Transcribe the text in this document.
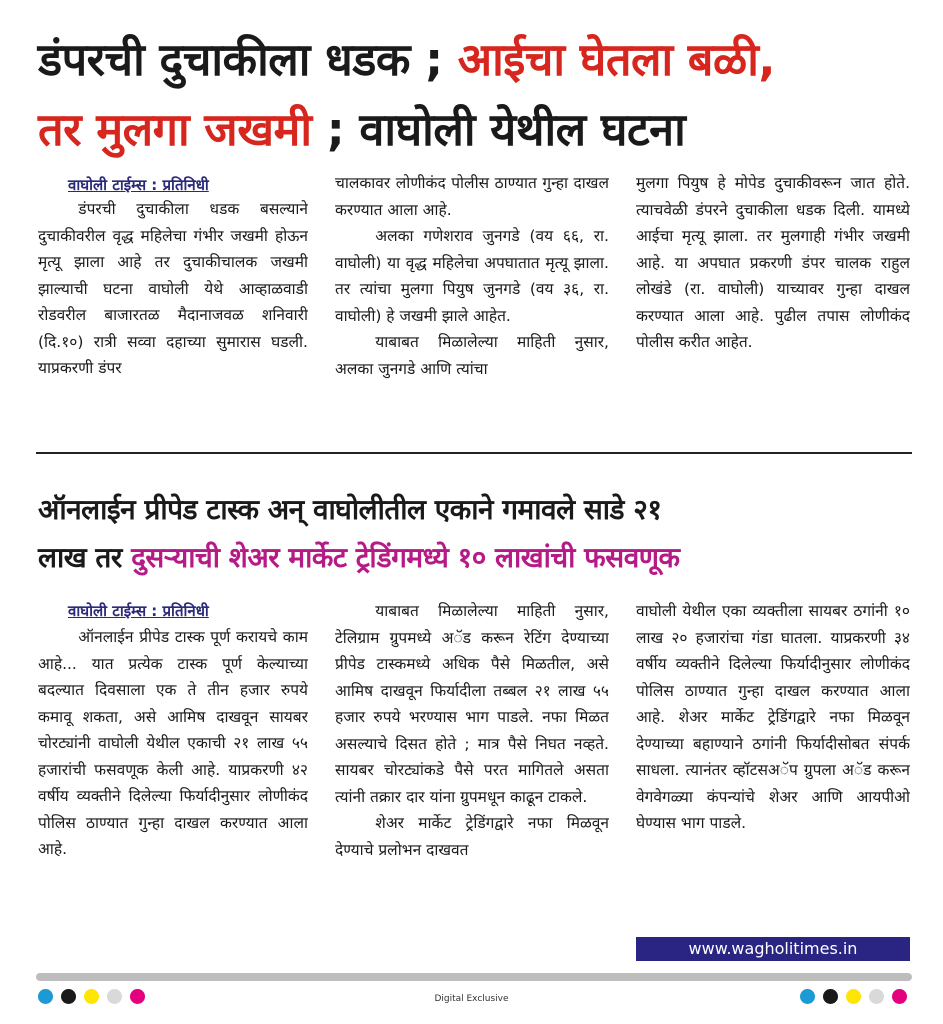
डंपरची दुचाकीला धडक ; आईचा घेतला बळी,
तर मुलगा जखमी ; वाघोली येथील घटना
वाघोली टाईम्स : प्रतिनिधी

डंपरची दुचाकीला धडक बसल्याने दुचाकीवरील वृद्ध महिलेचा गंभीर जखमी होऊन मृत्यू झाला आहे तर दुचाकीचालक जखमी झाल्याची घटना वाघोली येथे आव्हाळवाडी रोडवरील बाजारतळ मैदानाजवळ शनिवारी (दि.१०) रात्री सव्वा दहाच्या सुमारास घडली. याप्रकरणी डंपर

चालकावर लोणीकंद पोलीस ठाण्यात गुन्हा दाखल करण्यात आला आहे.

अलका गणेशराव जुनगडे (वय ६६, रा. वाघोली) या वृद्ध महिलेचा अपघातात मृत्यू झाला. तर त्यांचा मुलगा पियुष जुनगडे (वय ३६, रा. वाघोली) हे जखमी झाले आहेत.

याबाबत मिळालेल्या माहिती नुसार, अलका जुनगडे आणि त्यांचा

मुलगा पियुष हे मोपेड दुचाकीवरून जात होते. त्याचवेळी डंपरने दुचाकीला धडक दिली. यामध्ये आईचा मृत्यू झाला. तर मुलगाही गंभीर जखमी आहे. या अपघात प्रकरणी डंपर चालक राहुल लोखंडे (रा. वाघोली) याच्यावर गुन्हा दाखल करण्यात आला आहे. पुढील तपास लोणीकंद पोलीस करीत आहेत.

ऑनलाईन प्रीपेड टास्क अन् वाघोलीतील एकाने गमावले साडे २१
लाख तर दुसऱ्याची शेअर मार्केट ट्रेडिंगमध्ये १० लाखांची फसवणूक
वाघोली टाईम्स : प्रतिनिधी

ऑनलाईन प्रीपेड टास्क पूर्ण करायचे काम आहे... यात प्रत्येक टास्क पूर्ण केल्याच्या बदल्यात दिवसाला एक ते तीन हजार रुपये कमावू शकता, असे आमिष दाखवून सायबर चोरट्यांनी वाघोली येथील एकाची २१ लाख ५५ हजारांची फसवणूक केली आहे. याप्रकरणी ४२ वर्षीय व्यक्तीने दिलेल्या फिर्यादीनुसार लोणीकंद पोलिस ठाण्यात गुन्हा दाखल करण्यात आला आहे.

याबाबत मिळालेल्या माहिती नुसार, टेलिग्राम ग्रुपमध्ये अॅड करून रेटिंग देण्याच्या प्रीपेड टास्कमध्ये अधिक पैसे मिळतील, असे आमिष दाखवून फिर्यादीला तब्बल २१ लाख ५५ हजार रुपये भरण्यास भाग पाडले. नफा मिळत असल्याचे दिसत होते ; मात्र पैसे निघत नव्हते. सायबर चोरट्यांकडे पैसे परत मागितले असता त्यांनी तक्रार दार यांना ग्रुपमधून काढून टाकले.

शेअर मार्केट ट्रेडिंगद्वारे नफा मिळवून देण्याचे प्रलोभन दाखवत

वाघोली येथील एका व्यक्तीला सायबर ठगांनी १० लाख २० हजारांचा गंडा घातला. याप्रकरणी ३४ वर्षीय व्यक्तीने दिलेल्या फिर्यादीनुसार लोणीकंद पोलिस ठाण्यात गुन्हा दाखल करण्यात आला आहे. शेअर मार्केट ट्रेडिंगद्वारे नफा मिळवून देण्याच्या बहाण्याने ठगांनी फिर्यादीसोबत संपर्क साधला. त्यानंतर व्हॉटसअॅप ग्रुपला अॅड करून वेगवेगळ्या कंपन्यांचे शेअर आणि आयपीओ घेण्यास भाग पाडले.

www.wagholitimes.in
Digital Exclusive
